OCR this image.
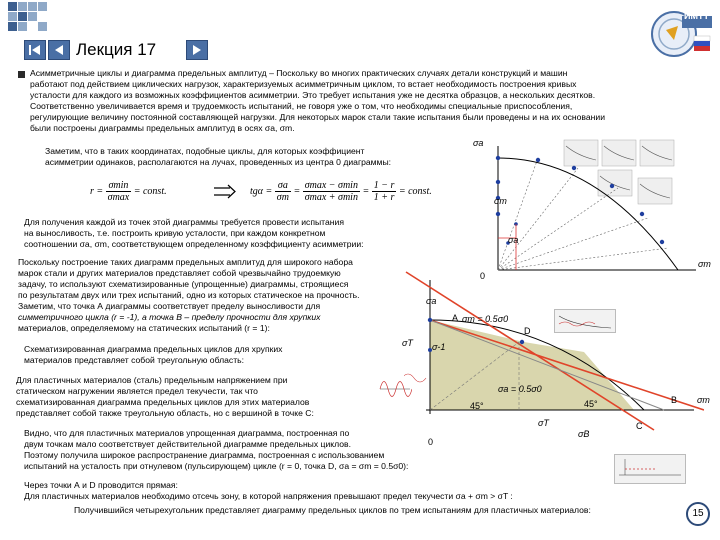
Лекция 17
ИМТТ
Асимметричные циклы и диаграмма предельных амплитуд – Поскольку во многих практических случаях детали конструкций и машин
работают под действием циклических нагрузок, характеризуемых асимметричным циклом, то встает необходимость построения кривых
усталости для каждого из возможных коэффициентов асимметрии. Это требует испытания уже не десятка образцов, а нескольких десятков.
Соответственно увеличивается время и трудоемкость испытаний, не говоря уже о том, что необходимы специальные приспособления,
регулирующие величину постоянной составляющей нагрузки. Для некоторых марок стали такие испытания были проведены и на их основании
были построены диаграммы предельных амплитуд в осях σa, σm.
Заметим, что в таких координатах, подобные циклы, для которых коэффициент
асимметрии одинаков, располагаются на лучах, проведенных из центра 0 диаграммы:
$r = \frac{\sigma\min}{\sigma\max}$ = const.	$tg\alpha = \frac{\sigma a}{\sigma m} = \frac{\sigma\max - \sigma\min}{\sigma\max + \sigma\min} = \frac{1 - r}{1 + r}$ = const.
Для получения каждой из точек этой диаграммы требуется провести испытания
на выносливость, т.е. построить кривую усталости, при каждом конкретном
соотношении σa, σm, соответствующем определенному коэффициенту асимметрии:
Поскольку построение таких диаграмм предельных амплитуд для широкого набора
марок стали и других материалов представляет собой чрезвычайно трудоемкую
задачу, то используют схематизированные (упрощенные) диаграммы, строящиеся
по результатам двух или трех испытаний, одно из которых статическое на прочность.
Заметим, что точка А диаграммы соответствует пределу выносливости для
симметричного цикла (r = -1), а точка В – пределу прочности для хрупких
материалов, определяемому на статических испытаний (r = 1):
Схематизированная диаграмма предельных циклов для хрупких
материалов представляет собой треугольную область:
Для пластичных материалов (сталь) предельным напряжением при
статическом нагружении является предел текучести, так что
схематизированная диаграмма предельных циклов для этих материалов
представляет собой также треугольную область, но с вершиной в точке С:
Видно, что для пластичных материалов упрощенная диаграмма, построенная по
двум точкам мало соответствует действительной диаграмме предельных циклов.
Поэтому получила широкое распространение диаграмма, построенная с использованием
испытаний на усталость при отнулевом (пульсирующем) цикле (r = 0, точка D, σa = σm = 0.5σ0):
Через точки А и D проводится прямая:
Для пластичных материалов необходимо отсечь зону, в которой напряжения превышают предел текучести σa + σm > σT :
Получившийся четырехугольник представляет диаграмму предельных циклов по трем испытаниям для пластичных материалов:
σa
σm
σm
σa
0
σa
σm
A σm = 0.5σ0
D
B
C
σ-1
σT
σa = 0.5σ0
45°	45°
σT
σB
0
15
